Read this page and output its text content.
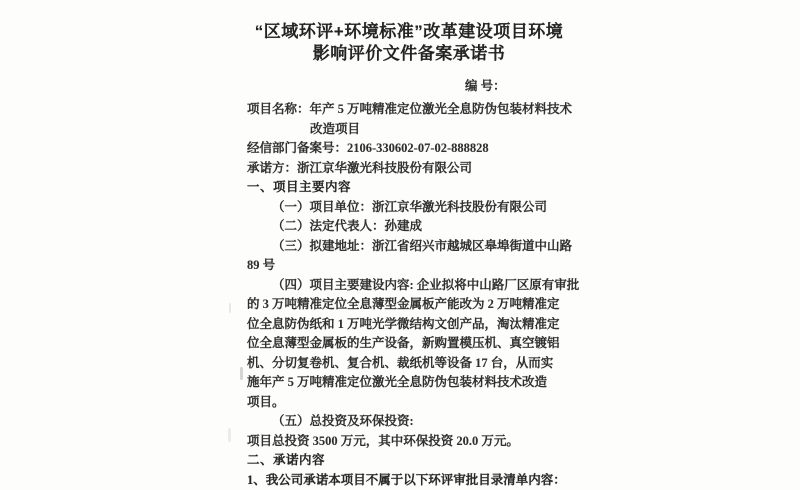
“区域环评+环境标准”改革建设项目环境
影响评价文件备案承诺书
编 号：
项目名称：年产 5 万吨精准定位激光全息防伪包装材料技术
改造项目
经信部门备案号：2106-330602-07-02-888828
承诺方：浙江京华激光科技股份有限公司
一、项目主要内容
（一）项目单位：浙江京华激光科技股份有限公司
（二）法定代表人：孙建成
（三）拟建地址：浙江省绍兴市越城区皋埠街道中山路
89 号
（四）项目主要建设内容: 企业拟将中山路厂区原有审批
的 3 万吨精准定位全息薄型金属板产能改为 2 万吨精准定
位全息防伪纸和 1 万吨光学微结构文创产品，淘汰精准定
位全息薄型金属板的生产设备，新购置模压机、真空镀铝
机、分切复卷机、复合机、裁纸机等设备 17 台，从而实
施年产 5 万吨精准定位激光全息防伪包装材料技术改造
项目。
（五）总投资及环保投资:
项目总投资 3500 万元，其中环保投资 20.0 万元。
二、承诺内容
1、我公司承诺本项目不属于以下环评审批目录清单内容：
